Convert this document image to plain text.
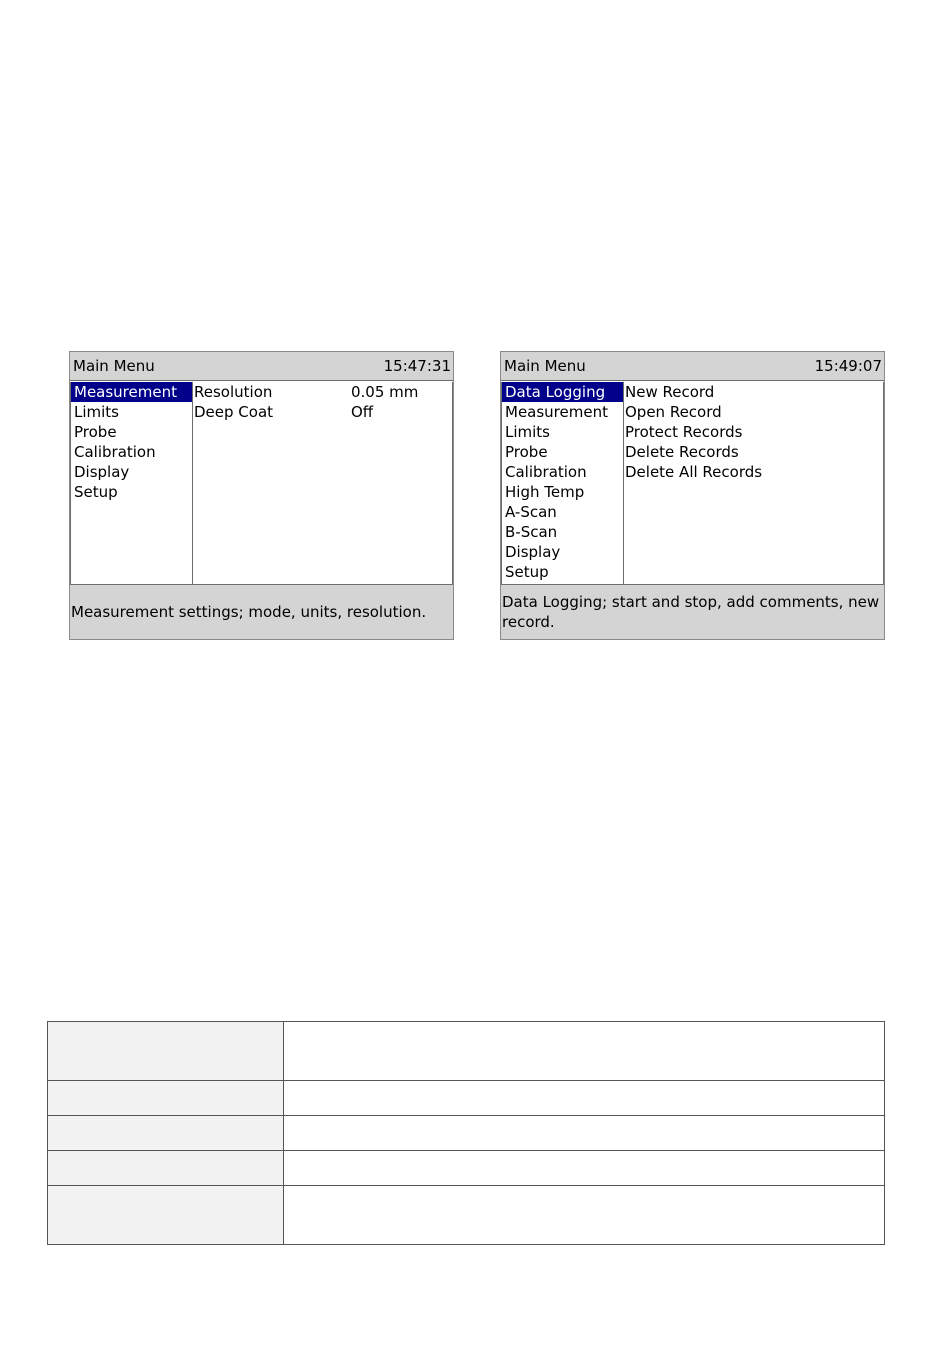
Main Menu	15:47:31
Measurement
Limits
Probe
Calibration
Display
Setup
Resolution	0.05 mm
Deep Coat	Off
Measurement settings; mode, units, resolution.
Main Menu	15:49:07
Data Logging
Measurement
Limits
Probe
Calibration
High Temp
A-Scan
B-Scan
Display
Setup
New Record
Open Record
Protect Records
Delete Records
Delete All Records
Data Logging; start and stop, add comments, new record.
